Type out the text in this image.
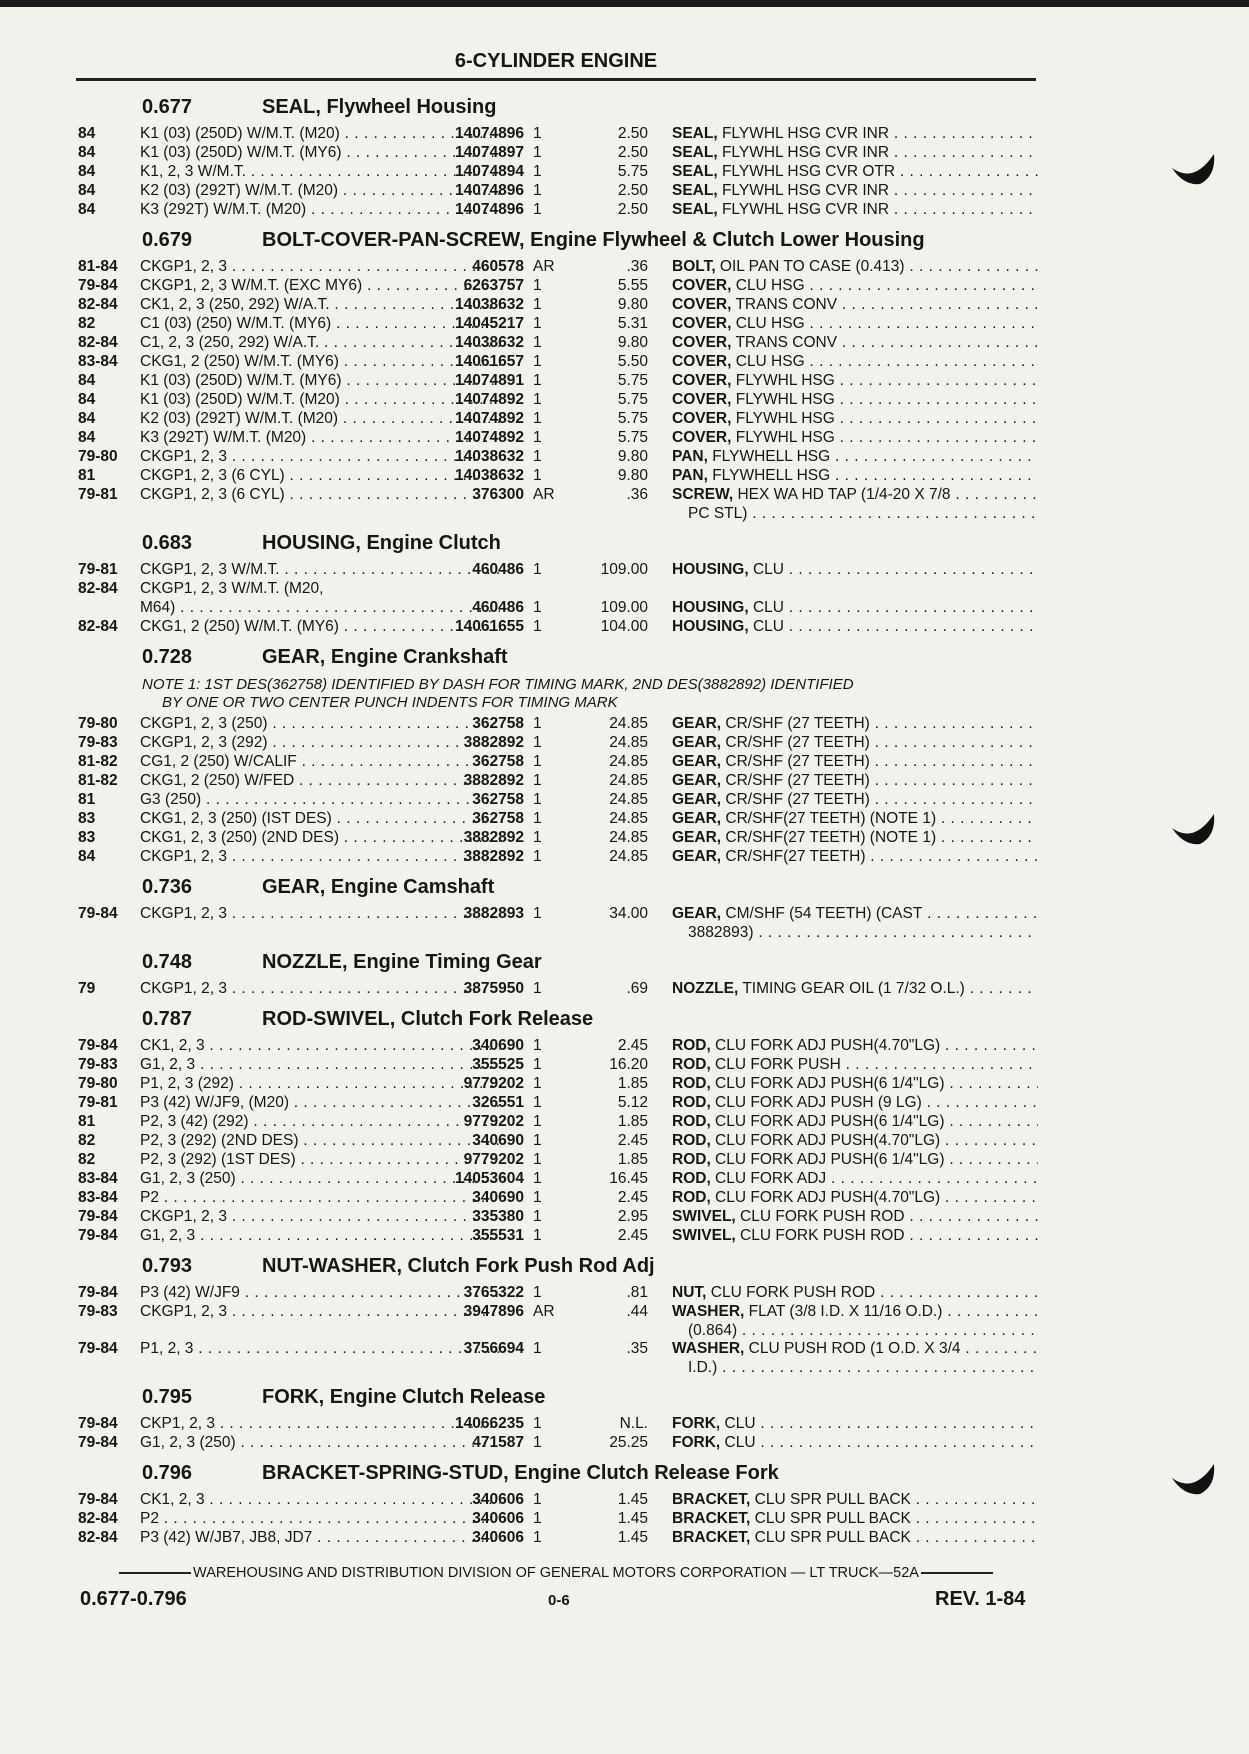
6-CYLINDER ENGINE
0.677	SEAL, Flywheel Housing
84	K1 (03) (250D) W/M.T. (M20) . . .	14074896 1	2.50 SEAL, FLYWHL HSG CVR INR . . .
84	K1 (03) (250D) W/M.T. (MY6) . . .	14074897 1	2.50 SEAL, FLYWHL HSG CVR INR . . .
84	K1, 2, 3 W/M.T. . . .	14074894 1	5.75 SEAL, FLYWHL HSG CVR OTR . . .
84	K2 (03) (292T) W/M.T. (M20) . . .	14074896 1	2.50 SEAL, FLYWHL HSG CVR INR . . .
84	K3 (292T) W/M.T. (M20) . . .	14074896 1	2.50 SEAL, FLYWHL HSG CVR INR . . .
0.679	BOLT-COVER-PAN-SCREW, Engine Flywheel & Clutch Lower Housing
81-84	CKGP1, 2, 3 . . .	460578 AR	.36 BOLT, OIL PAN TO CASE (0.413) . . .
79-84	CKGP1, 2, 3 W/M.T. (EXC MY6) . . .	6263757 1	5.55 COVER, CLU HSG . . .
82-84	CK1, 2, 3 (250, 292) W/A.T. . . .	14038632 1	9.80 COVER, TRANS CONV . . .
82	C1 (03) (250) W/M.T. (MY6) . . .	14045217 1	5.31 COVER, CLU HSG . . .
82-84	C1, 2, 3 (250, 292) W/A.T. . . .	14038632 1	9.80 COVER, TRANS CONV . . .
83-84	CKG1, 2 (250) W/M.T. (MY6) . . .	14061657 1	5.50 COVER, CLU HSG . . .
84	K1 (03) (250D) W/M.T. (MY6) . . .	14074891 1	5.75 COVER, FLYWHL HSG . . .
84	K1 (03) (250D) W/M.T. (M20) . . .	14074892 1	5.75 COVER, FLYWHL HSG . . .
84	K2 (03) (292T) W/M.T. (M20) . . .	14074892 1	5.75 COVER, FLYWHL HSG . . .
84	K3 (292T) W/M.T. (M20) . . .	14074892 1	5.75 COVER, FLYWHL HSG . . .
79-80	CKGP1, 2, 3 . . .	14038632 1	9.80 PAN, FLYWHELL HSG . . .
81	CKGP1, 2, 3 (6 CYL) . . .	14038632 1	9.80 PAN, FLYWHELL HSG . . .
79-81	CKGP1, 2, 3 (6 CYL) . . .	376300 AR	.36 SCREW, HEX WA HD TAP (1/4-20 X 7/8 . . .
PC STL) . . .
0.683	HOUSING, Engine Clutch
79-81	CKGP1, 2, 3 W/M.T. . . .	460486 1	109.00 HOUSING, CLU . . .
82-84	CKGP1, 2, 3 W/M.T. (M20,
M64) . . .	460486 1	109.00 HOUSING, CLU . . .
82-84	CKG1, 2 (250) W/M.T. (MY6) . . .	14061655 1	104.00 HOUSING, CLU . . .
0.728	GEAR, Engine Crankshaft
NOTE 1: 1ST DES(362758) IDENTIFIED BY DASH FOR TIMING MARK, 2ND DES(3882892) IDENTIFIED
BY ONE OR TWO CENTER PUNCH INDENTS FOR TIMING MARK
79-80	CKGP1, 2, 3 (250) . . .	362758 1	24.85 GEAR, CR/SHF (27 TEETH) . . .
79-83	CKGP1, 2, 3 (292) . . .	3882892 1	24.85 GEAR, CR/SHF (27 TEETH) . . .
81-82	CG1, 2 (250) W/CALIF . . .	362758 1	24.85 GEAR, CR/SHF (27 TEETH) . . .
81-82	CKG1, 2 (250) W/FED . . .	3882892 1	24.85 GEAR, CR/SHF (27 TEETH) . . .
81	G3 (250) . . .	362758 1	24.85 GEAR, CR/SHF (27 TEETH) . . .
83	CKG1, 2, 3 (250) (IST DES) . . .	362758 1	24.85 GEAR, CR/SHF(27 TEETH) (NOTE 1) . . .
83	CKG1, 2, 3 (250) (2ND DES) . . .	3882892 1	24.85 GEAR, CR/SHF(27 TEETH) (NOTE 1) . . .
84	CKGP1, 2, 3 . . .	3882892 1	24.85 GEAR, CR/SHF(27 TEETH) . . .
0.736	GEAR, Engine Camshaft
79-84	CKGP1, 2, 3 . . .	3882893 1	34.00 GEAR, CM/SHF (54 TEETH) (CAST . . .
3882893) . . .
0.748	NOZZLE, Engine Timing Gear
79	CKGP1, 2, 3 . . .	3875950 1	.69 NOZZLE, TIMING GEAR OIL (1 7/32 O.L.) . . .
0.787	ROD-SWIVEL, Clutch Fork Release
79-84	CK1, 2, 3 . . .	340690 1	2.45 ROD, CLU FORK ADJ PUSH(4.70"LG) . . .
79-83	G1, 2, 3 . . .	355525 1	16.20 ROD, CLU FORK PUSH . . .
79-80	P1, 2, 3 (292) . . .	9779202 1	1.85 ROD, CLU FORK ADJ PUSH(6 1/4"LG) . . .
79-81	P3 (42) W/JF9, (M20) . . .	326551 1	5.12 ROD, CLU FORK ADJ PUSH (9 LG) . . .
81	P2, 3 (42) (292) . . .	9779202 1	1.85 ROD, CLU FORK ADJ PUSH(6 1/4"LG) . . .
82	P2, 3 (292) (2ND DES) . . .	340690 1	2.45 ROD, CLU FORK ADJ PUSH(4.70"LG) . . .
82	P2, 3 (292) (1ST DES) . . .	9779202 1	1.85 ROD, CLU FORK ADJ PUSH(6 1/4"LG) . . .
83-84	G1, 2, 3 (250) . . .	14053604 1	16.45 ROD, CLU FORK ADJ . . .
83-84	P2 . . .	340690 1	2.45 ROD, CLU FORK ADJ PUSH(4.70"LG) . . .
79-84	CKGP1, 2, 3 . . .	335380 1	2.95 SWIVEL, CLU FORK PUSH ROD . . .
79-84	G1, 2, 3 . . .	355531 1	2.45 SWIVEL, CLU FORK PUSH ROD . . .
0.793	NUT-WASHER, Clutch Fork Push Rod Adj
79-84	P3 (42) W/JF9 . . .	3765322 1	.81 NUT, CLU FORK PUSH ROD . . .
79-83	CKGP1, 2, 3 . . .	3947896 AR	.44 WASHER, FLAT (3/8 I.D. X 11/16 O.D.) . . .
(0.864) . . .
79-84	P1, 2, 3 . . .	3756694 1	.35 WASHER, CLU PUSH ROD (1 O.D. X 3/4 . . .
I.D.) . . .
0.795	FORK, Engine Clutch Release
79-84	CKP1, 2, 3 . . .	14066235 1	N.L. FORK, CLU . . .
79-84	G1, 2, 3 (250) . . .	471587 1	25.25 FORK, CLU . . .
0.796	BRACKET-SPRING-STUD, Engine Clutch Release Fork
79-84	CK1, 2, 3 . . .	340606 1	1.45 BRACKET, CLU SPR PULL BACK . . .
82-84	P2 . . .	340606 1	1.45 BRACKET, CLU SPR PULL BACK . . .
82-84	P3 (42) W/JB7, JB8, JD7 . . .	340606 1	1.45 BRACKET, CLU SPR PULL BACK . . .
WAREHOUSING AND DISTRIBUTION DIVISION OF GENERAL MOTORS CORPORATION — LT TRUCK—52A
0.677-0.796	0-6	REV. 1-84
